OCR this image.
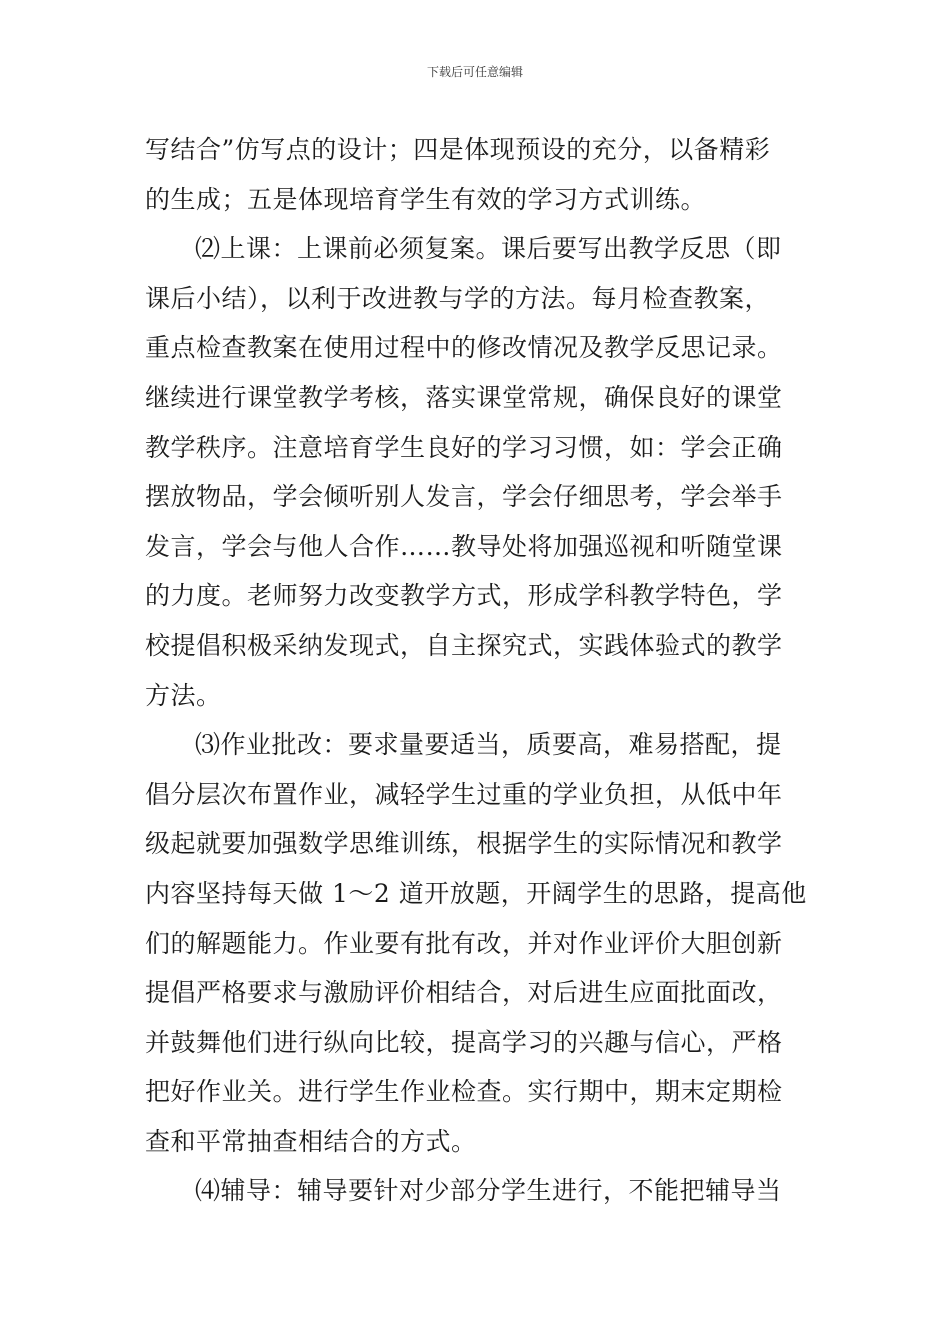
下载后可任意编辑
写结合”仿写点的设计；四是体现预设的充分，以备精彩
的生成；五是体现培育学生有效的学习方式训练。
⑵上课：上课前必须复案。课后要写出教学反思（即
课后小结），以利于改进教与学的方法。每月检查教案，
重点检查教案在使用过程中的修改情况及教学反思记录。
继续进行课堂教学考核，落实课堂常规，确保良好的课堂
教学秩序。注意培育学生良好的学习习惯，如：学会正确
摆放物品，学会倾听别人发言，学会仔细思考，学会举手
发言，学会与他人合作……教导处将加强巡视和听随堂课
的力度。老师努力改变教学方式，形成学科教学特色，学
校提倡积极采纳发现式，自主探究式，实践体验式的教学
方法。
⑶作业批改：要求量要适当，质要高，难易搭配，提
倡分层次布置作业，减轻学生过重的学业负担，从低中年
级起就要加强数学思维训练，根据学生的实际情况和教学
内容坚持每天做 1～2 道开放题，开阔学生的思路，提高他
们的解题能力。作业要有批有改，并对作业评价大胆创新
提倡严格要求与激励评价相结合，对后进生应面批面改，
并鼓舞他们进行纵向比较，提高学习的兴趣与信心，严格
把好作业关。进行学生作业检查。实行期中，期末定期检
查和平常抽查相结合的方式。
⑷辅导：辅导要针对少部分学生进行，不能把辅导当
